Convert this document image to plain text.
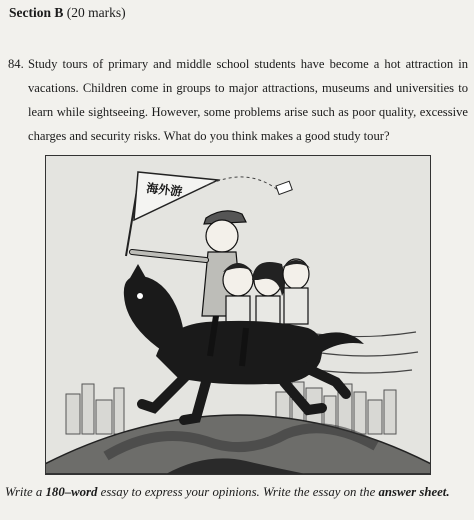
Section B (20 marks)

84. Study tours of primary and middle school students have become a hot attraction in vacations. Children come in groups to major attractions, museums and universities to learn while sightseeing. However, some problems arise such as poor quality, excessive charges and security risks. What do you think makes a good study tour?

海外游
Write a 180–word essay to express your opinions. Write the essay on the answer sheet.
